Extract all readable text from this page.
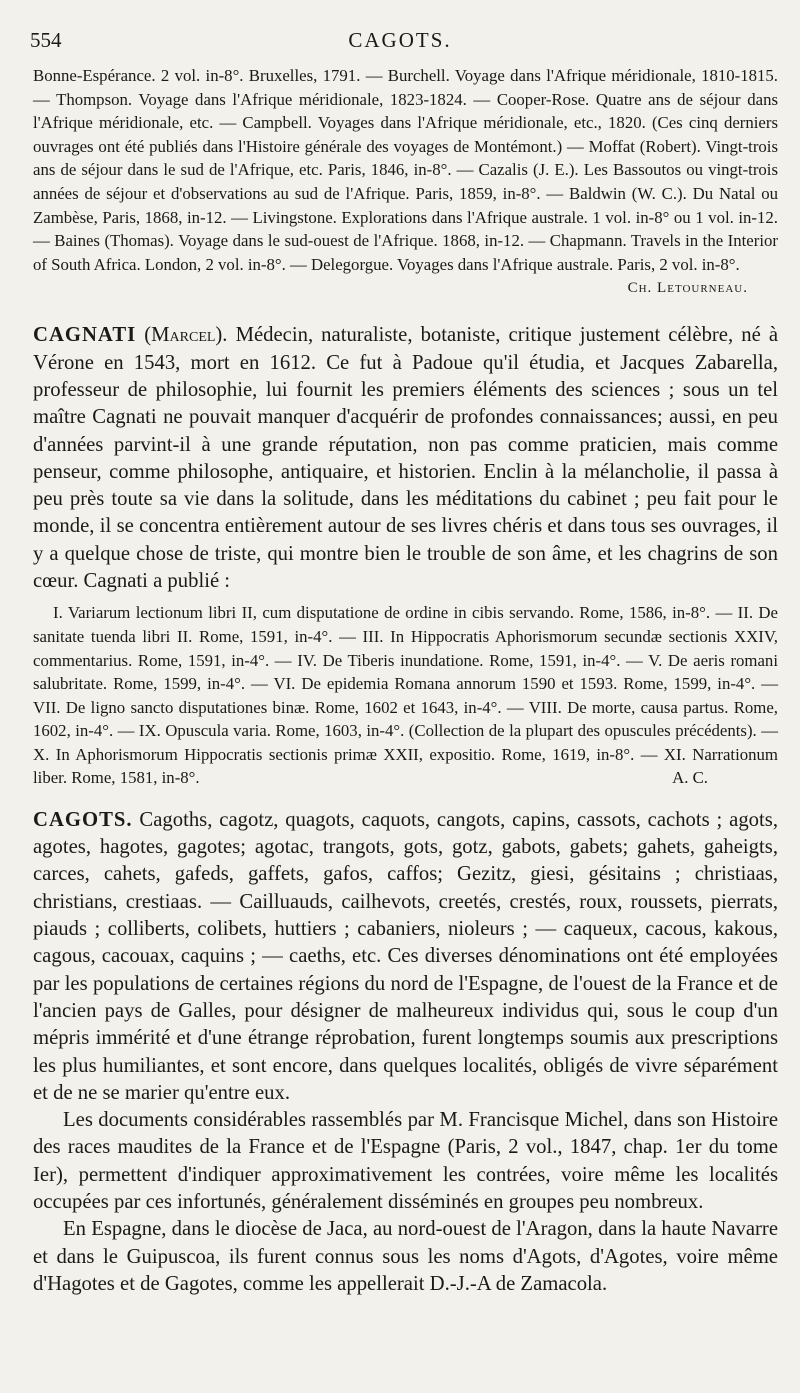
554	CAGOTS.

Bonne-Espérance. 2 vol. in-8°. Bruxelles, 1791. — Burchell. Voyage dans l'Afrique méridionale, 1810-1815. — Thompson. Voyage dans l'Afrique méridionale, 1823-1824. — Cooper-Rose. Quatre ans de séjour dans l'Afrique méridionale, etc. — Campbell. Voyages dans l'Afrique méridionale, etc., 1820. (Ces cinq derniers ouvrages ont été publiés dans l'Histoire générale des voyages de Montémont.) — Moffat (Robert). Vingt-trois ans de séjour dans le sud de l'Afrique, etc. Paris, 1846, in-8°. — Cazalis (J. E.). Les Bassoutos ou vingt-trois années de séjour et d'observations au sud de l'Afrique. Paris, 1859, in-8°. — Baldwin (W. C.). Du Natal ou Zambèse, Paris, 1868, in-12. — Livingstone. Explorations dans l'Afrique australe. 1 vol. in-8° ou 1 vol. in-12. — Baines (Thomas). Voyage dans le sud-ouest de l'Afrique. 1868, in-12. — Chapmann. Travels in the Interior of South Africa. London, 2 vol. in-8°. — Delegorgue. Voyages dans l'Afrique australe. Paris, 2 vol. in-8°.

Ch. Letourneau.

CAGNATI (Marcel). Médecin, naturaliste, botaniste, critique justement célèbre, né à Vérone en 1543, mort en 1612. Ce fut à Padoue qu'il étudia, et Jacques Zabarella, professeur de philosophie, lui fournit les premiers éléments des sciences ; sous un tel maître Cagnati ne pouvait manquer d'acquérir de profondes connaissances; aussi, en peu d'années parvint-il à une grande réputation, non pas comme praticien, mais comme penseur, comme philosophe, antiquaire, et historien. Enclin à la mélancholie, il passa à peu près toute sa vie dans la solitude, dans les méditations du cabinet ; peu fait pour le monde, il se concentra entièrement autour de ses livres chéris et dans tous ses ouvrages, il y a quelque chose de triste, qui montre bien le trouble de son âme, et les chagrins de son cœur. Cagnati a publié :

I. Variarum lectionum libri II, cum disputatione de ordine in cibis servando. Rome, 1586, in-8°. — II. De sanitate tuenda libri II. Rome, 1591, in-4°. — III. In Hippocratis Aphorismorum secundæ sectionis XXIV, commentarius. Rome, 1591, in-4°. — IV. De Tiberis inundatione. Rome, 1591, in-4°. — V. De aeris romani salubritate. Rome, 1599, in-4°. — VI. De epidemia Romana annorum 1590 et 1593. Rome, 1599, in-4°. — VII. De ligno sancto disputationes binæ. Rome, 1602 et 1643, in-4°. — VIII. De morte, causa partus. Rome, 1602, in-4°. — IX. Opuscula varia. Rome, 1603, in-4°. (Collection de la plupart des opuscules précédents). — X. In Aphorismorum Hippocratis sectionis primæ XXII, expositio. Rome, 1619, in-8°. — XI. Narrationum liber. Rome, 1581, in-8°.	A. C.

CAGOTS. Cagoths, cagotz, quagots, caquots, cangots, capins, cassots, cachots ; agots, agotes, hagotes, gagotes; agotac, trangots, gots, gotz, gabots, gabets; gahets, gaheigts, carces, cahets, gafeds, gaffets, gafos, caffos; Gezitz, giesi, gésitains ; christiaas, christians, crestiaas. — Cailluauds, cailhevots, creetés, crestés, roux, roussets, pierrats, piauds ; colliberts, colibets, huttiers ; cabaniers, nioleurs ; — caqueux, cacous, kakous, cagous, cacouax, caquins ; — caeths, etc. Ces diverses dénominations ont été employées par les populations de certaines régions du nord de l'Espagne, de l'ouest de la France et de l'ancien pays de Galles, pour désigner de malheureux individus qui, sous le coup d'un mépris immérité et d'une étrange réprobation, furent longtemps soumis aux prescriptions les plus humiliantes, et sont encore, dans quelques localités, obligés de vivre séparément et de ne se marier qu'entre eux.

Les documents considérables rassemblés par M. Francisque Michel, dans son Histoire des races maudites de la France et de l'Espagne (Paris, 2 vol., 1847, chap. 1er du tome Ier), permettent d'indiquer approximativement les contrées, voire même les localités occupées par ces infortunés, généralement disséminés en groupes peu nombreux.

En Espagne, dans le diocèse de Jaca, au nord-ouest de l'Aragon, dans la haute Navarre et dans le Guipuscoa, ils furent connus sous les noms d'Agots, d'Agotes, voire même d'Hagotes et de Gagotes, comme les appellerait D.-J.-A de Zamacola.
